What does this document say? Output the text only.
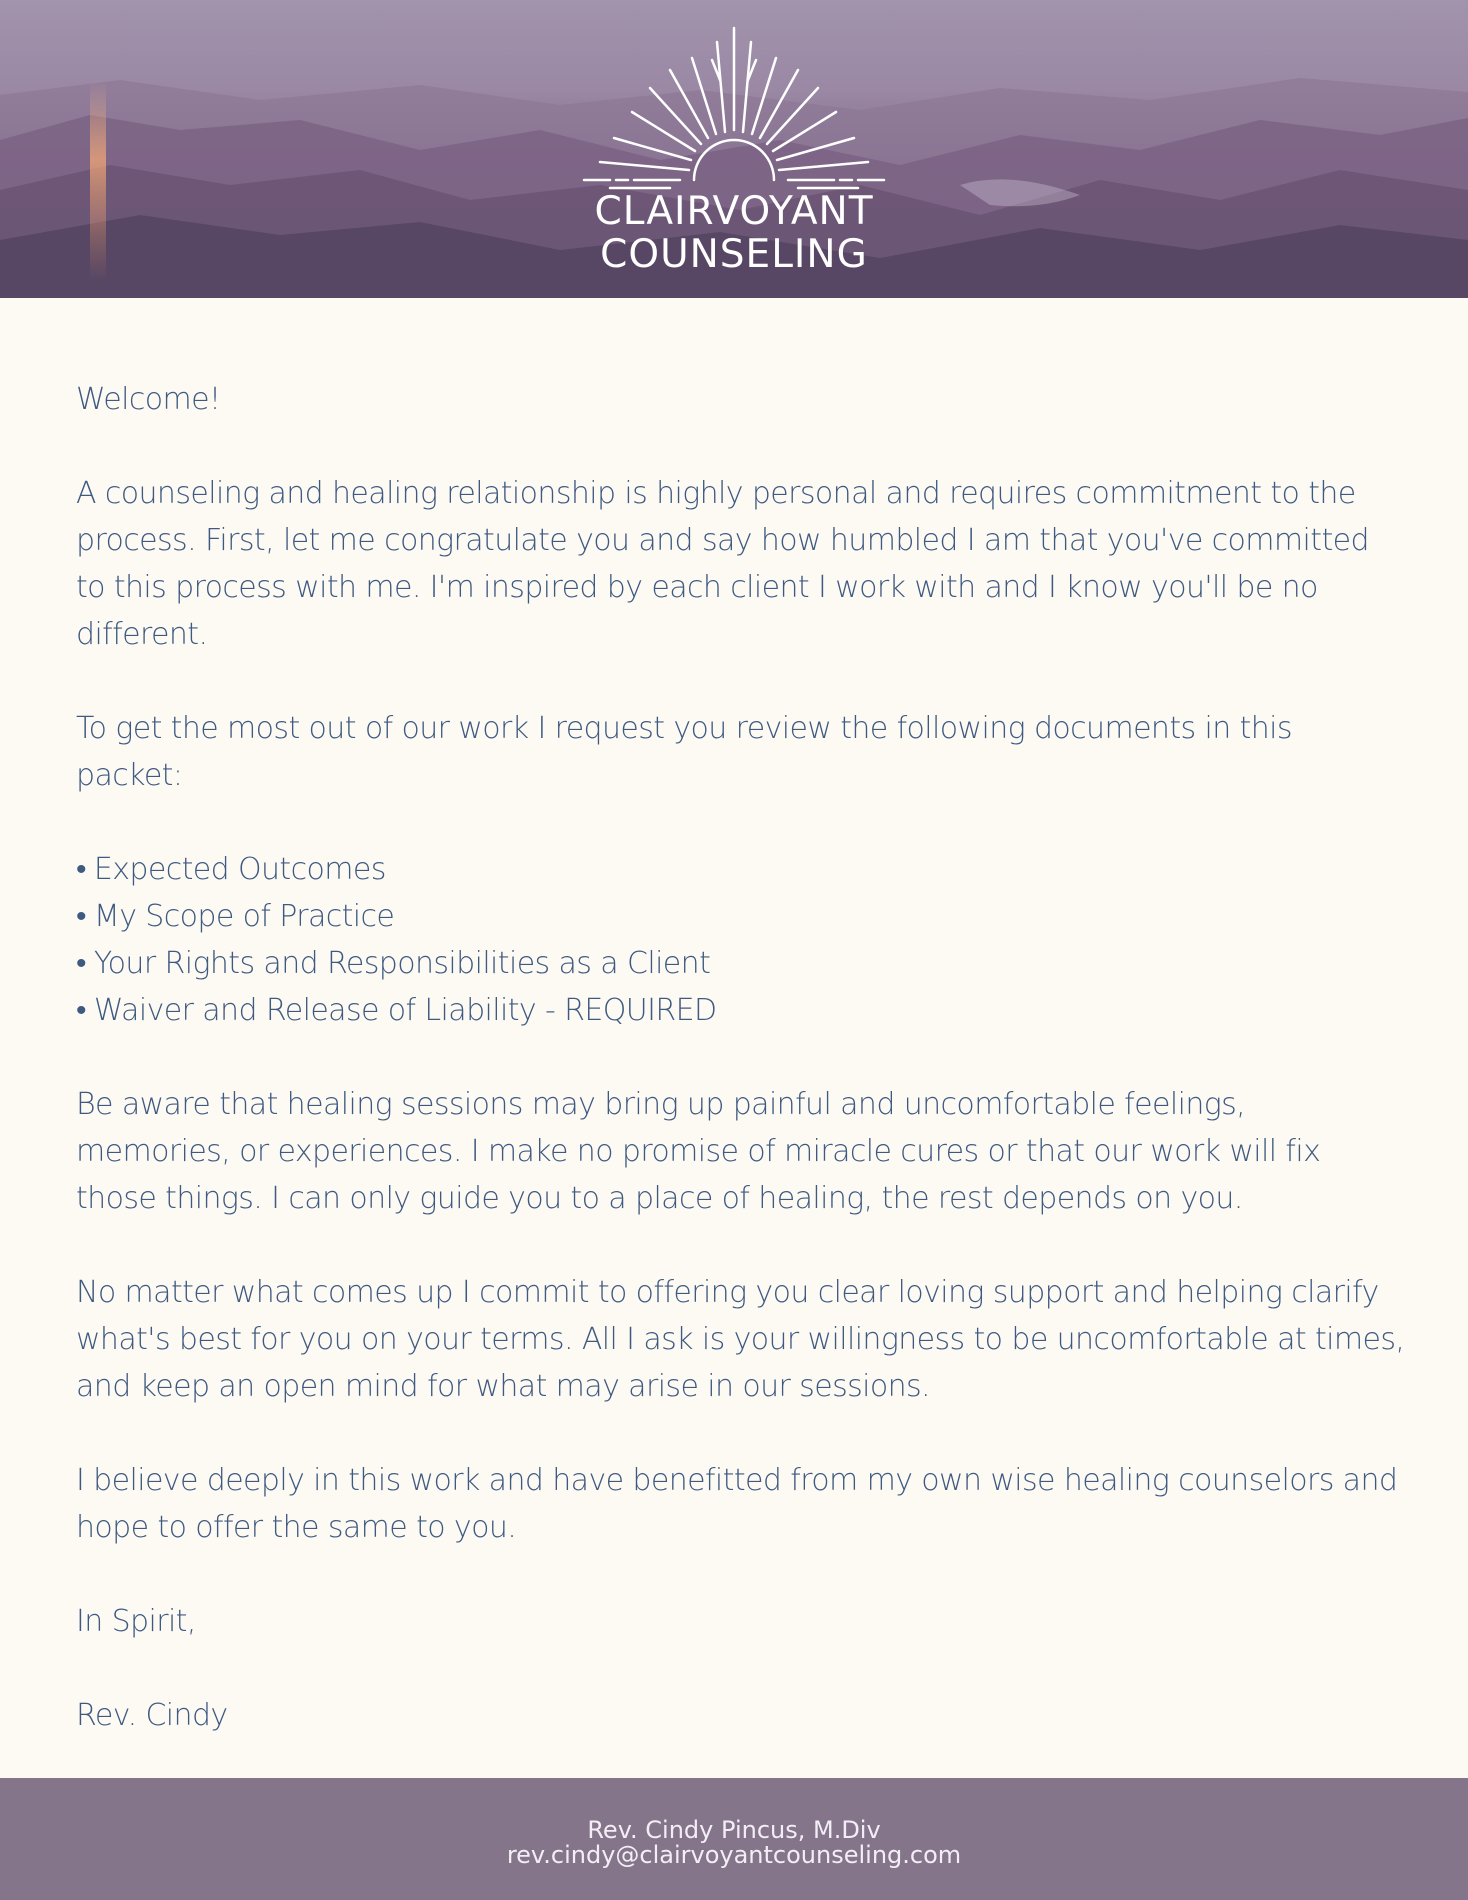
CLAIRVOYANT
COUNSELING

Welcome!

A counseling and healing relationship is highly personal and requires commitment to the process. First, let me congratulate you and say how humbled I am that you've committed to this process with me. I'm inspired by each client I work with and I know you'll be no different.

To get the most out of our work I request you review the following documents in this packet:

• Expected Outcomes
• My Scope of Practice
• Your Rights and Responsibilities as a Client
• Waiver and Release of Liability - REQUIRED

Be aware that healing sessions may bring up painful and uncomfortable feelings, memories, or experiences. I make no promise of miracle cures or that our work will fix those things. I can only guide you to a place of healing, the rest depends on you.

No matter what comes up I commit to offering you clear loving support and helping clarify what's best for you on your terms. All I ask is your willingness to be uncomfortable at times, and keep an open mind for what may arise in our sessions.

I believe deeply in this work and have benefitted from my own wise healing counselors and hope to offer the same to you.

In Spirit,

Rev. Cindy

Rev. Cindy Pincus, M.Div
rev.cindy@clairvoyantcounseling.com
